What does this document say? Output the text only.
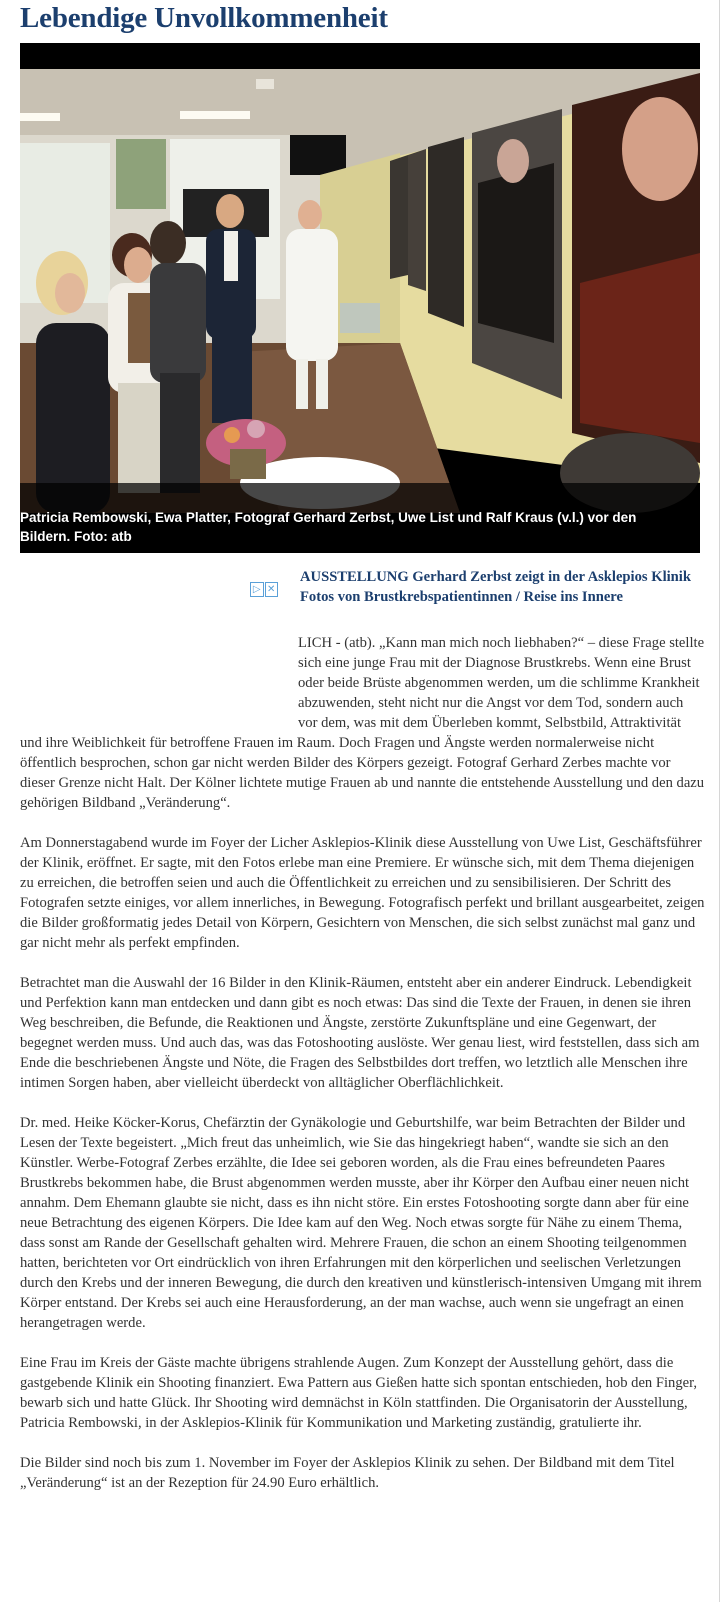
Lebendige Unvollkommenheit
Patricia Rembowski, Ewa Platter, Fotograf Gerhard Zerbst, Uwe List und Ralf Kraus (v.l.) vor den Bildern. Foto: atb
▷ ✕
AUSSTELLUNG Gerhard Zerbst zeigt in der Asklepios Klinik Fotos von Brustkrebspatientinnen / Reise ins Innere

LICH - (atb). „Kann man mich noch liebhaben?“ – diese Frage stellte sich eine junge Frau mit der Diagnose Brustkrebs. Wenn eine Brust oder beide Brüste abgenommen werden, um die schlimme Krankheit abzuwenden, steht nicht nur die Angst vor dem Tod, sondern auch vor dem, was mit dem Überleben kommt, Selbstbild, Attraktivität und ihre Weiblichkeit für betroffene Frauen im Raum. Doch Fragen und Ängste werden normalerweise nicht öffentlich besprochen, schon gar nicht werden Bilder des Körpers gezeigt. Fotograf Gerhard Zerbes machte vor dieser Grenze nicht Halt. Der Kölner lichtete mutige Frauen ab und nannte die entstehende Ausstellung und den dazu gehörigen Bildband „Veränderung“.

Am Donnerstagabend wurde im Foyer der Licher Asklepios-Klinik diese Ausstellung von Uwe List, Geschäftsführer der Klinik, eröffnet. Er sagte, mit den Fotos erlebe man eine Premiere. Er wünsche sich, mit dem Thema diejenigen zu erreichen, die betroffen seien und auch die Öffentlichkeit zu erreichen und zu sensibilisieren. Der Schritt des Fotografen setzte einiges, vor allem innerliches, in Bewegung. Fotografisch perfekt und brillant ausgearbeitet, zeigen die Bilder großformatig jedes Detail von Körpern, Gesichtern von Menschen, die sich selbst zunächst mal ganz und gar nicht mehr als perfekt empfinden.

Betrachtet man die Auswahl der 16 Bilder in den Klinik-Räumen, entsteht aber ein anderer Eindruck. Lebendigkeit und Perfektion kann man entdecken und dann gibt es noch etwas: Das sind die Texte der Frauen, in denen sie ihren Weg beschreiben, die Befunde, die Reaktionen und Ängste, zerstörte Zukunftspläne und eine Gegenwart, der begegnet werden muss. Und auch das, was das Fotoshooting auslöste. Wer genau liest, wird feststellen, dass sich am Ende die beschriebenen Ängste und Nöte, die Fragen des Selbstbildes dort treffen, wo letztlich alle Menschen ihre intimen Sorgen haben, aber vielleicht überdeckt von alltäglicher Oberflächlichkeit.

Dr. med. Heike Köcker-Korus, Chefärztin der Gynäkologie und Geburtshilfe, war beim Betrachten der Bilder und Lesen der Texte begeistert. „Mich freut das unheimlich, wie Sie das hingekriegt haben“, wandte sie sich an den Künstler. Werbe-Fotograf Zerbes erzählte, die Idee sei geboren worden, als die Frau eines befreundeten Paares Brustkrebs bekommen habe, die Brust abgenommen werden musste, aber ihr Körper den Aufbau einer neuen nicht annahm. Dem Ehemann glaubte sie nicht, dass es ihn nicht störe. Ein erstes Fotoshooting sorgte dann aber für eine neue Betrachtung des eigenen Körpers. Die Idee kam auf den Weg. Noch etwas sorgte für Nähe zu einem Thema, dass sonst am Rande der Gesellschaft gehalten wird. Mehrere Frauen, die schon an einem Shooting teilgenommen hatten, berichteten vor Ort eindrücklich von ihren Erfahrungen mit den körperlichen und seelischen Verletzungen durch den Krebs und der inneren Bewegung, die durch den kreativen und künstlerisch-intensiven Umgang mit ihrem Körper entstand. Der Krebs sei auch eine Herausforderung, an der man wachse, auch wenn sie ungefragt an einen herangetragen werde.

Eine Frau im Kreis der Gäste machte übrigens strahlende Augen. Zum Konzept der Ausstellung gehört, dass die gastgebende Klinik ein Shooting finanziert. Ewa Pattern aus Gießen hatte sich spontan entschieden, hob den Finger, bewarb sich und hatte Glück. Ihr Shooting wird demnächst in Köln stattfinden. Die Organisatorin der Ausstellung, Patricia Rembowski, in der Asklepios-Klinik für Kommunikation und Marketing zuständig, gratulierte ihr.

Die Bilder sind noch bis zum 1. November im Foyer der Asklepios Klinik zu sehen. Der Bildband mit dem Titel „Veränderung“ ist an der Rezeption für 24.90 Euro erhältlich.
